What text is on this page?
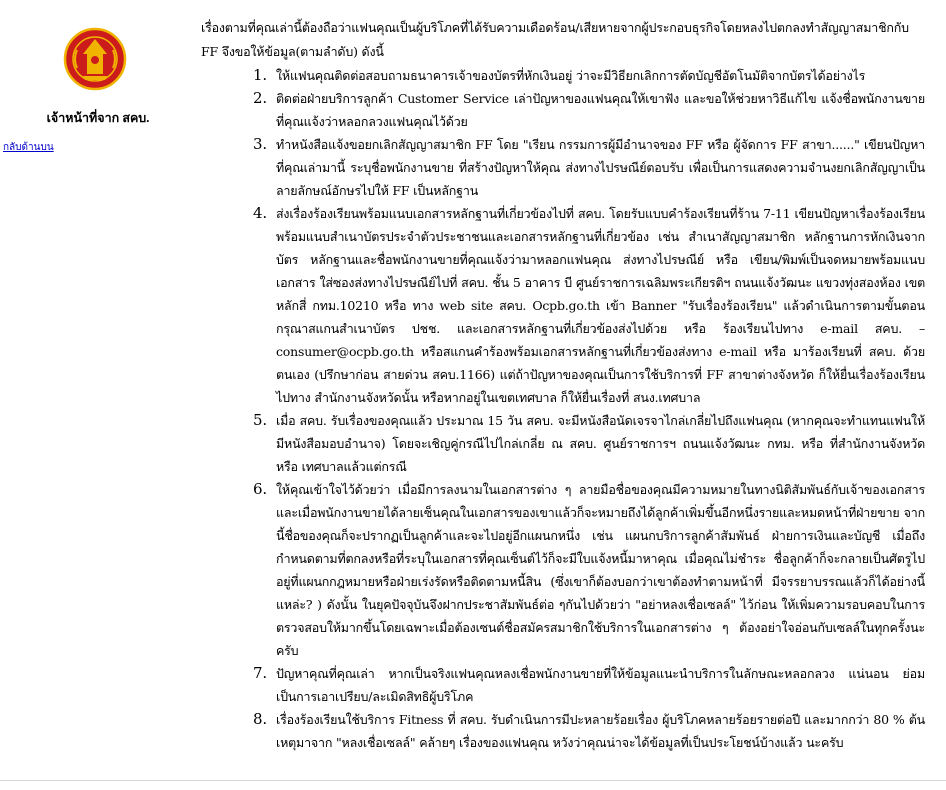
เจ้าหน้าที่จาก สคบ.
กลับด้านบน

เรื่องตามที่คุณเล่านี้ต้องถือว่าแฟนคุณเป็นผู้บริโภคที่ได้รับความเดือดร้อน/เสียหายจากผู้ประกอบธุรกิจโดยหลงไปตกลงทำสัญญาสมาชิกกับ FF จึงขอให้ข้อมูล(ตามลำดับ) ดังนี้

1. ให้แฟนคุณติดต่อสอบถามธนาคารเจ้าของบัตรที่หักเงินอยู่ ว่าจะมีวิธียกเลิกการตัดบัญชีอัตโนมัติจากบัตรได้อย่างไร
2. ติดต่อฝ่ายบริการลูกค้า Customer Service เล่าปัญหาของแฟนคุณให้เขาฟัง และขอให้ช่วยหาวิธีแก้ไข แจ้งชื่อพนักงานขายที่คุณแจ้งว่าหลอกลวงแฟนคุณไว้ด้วย
3. ทำหนังสือแจ้งขอยกเลิกสัญญาสมาชิก FF โดย "เรียน กรรมการผู้มีอำนาจของ FF หรือ ผู้จัดการ FF สาขา......" เขียนปัญหาที่คุณเล่ามานี้ ระบุชื่อพนักงานขาย ที่สร้างปัญหาให้คุณ ส่งทางไปรษณีย์ตอบรับ เพื่อเป็นการแสดงความจำนงยกเลิกสัญญาเป็นลายลักษณ์อักษรไปให้ FF เป็นหลักฐาน
4. ส่งเรื่องร้องเรียนพร้อมแนบเอกสารหลักฐานที่เกี่ยวข้องไปที่ สคบ. โดยรับแบบคำร้องเรียนที่ร้าน 7-11 เขียนปัญหาเรื่องร้องเรียนพร้อมแนบสำเนาบัตรประจำตัวประชาชนและเอกสารหลักฐานที่เกี่ยวข้อง เช่น สำเนาสัญญาสมาชิก หลักฐานการหักเงินจากบัตร หลักฐานและชื่อพนักงานขายที่คุณแจ้งว่ามาหลอกแฟนคุณ ส่งทางไปรษณีย์ หรือ เขียน/พิมพ์เป็นจดหมายพร้อมแนบเอกสาร ใส่ซองส่งทางไปรษณีย์ไปที่ สคบ. ชั้น 5 อาคาร บี ศูนย์ราชการเฉลิมพระเกียรติฯ ถนนแจ้งวัฒนะ แขวงทุ่งสองห้อง เขตหลักสี่ กทม.10210 หรือ ทาง web site สคบ. Ocpb.go.th เข้า Banner "รับเรื่องร้องเรียน" แล้วดำเนินการตามขั้นตอน กรุณาสแกนสำเนาบัตร ปชช. และเอกสารหลักฐานที่เกี่ยวข้องส่งไปด้วย หรือ ร้องเรียนไปทาง e-mail สคบ. – consumer@ocpb.go.th หรือสแกนคำร้องพร้อมเอกสารหลักฐานที่เกี่ยวข้องส่งทาง e-mail หรือ มาร้องเรียนที่ สคบ. ด้วยตนเอง (ปรึกษาก่อน สายด่วน สคบ.1166) แต่ถ้าปัญหาของคุณเป็นการใช้บริการที่ FF สาขาต่างจังหวัด ก็ให้ยื่นเรื่องร้องเรียนไปทาง สำนักงานจังหวัดนั้น หรือหากอยู่ในเขตเทศบาล ก็ให้ยื่นเรื่องที่ สนง.เทศบาล
5. เมื่อ สคบ. รับเรื่องของคุณแล้ว ประมาณ 15 วัน สคบ. จะมีหนังสือนัดเจรจาไกล่เกลี่ยไปถึงแฟนคุณ (หากคุณจะทำแทนแฟนให้มีหนังสือมอบอำนาจ) โดยจะเชิญคู่กรณีไปไกล่เกลี่ย ณ สคบ. ศูนย์ราชการฯ ถนนแจ้งวัฒนะ กทม. หรือ ที่สำนักงานจังหวัด หรือ เทศบาลแล้วแต่กรณี
6. ให้คุณเข้าใจไว้ด้วยว่า เมื่อมีการลงนามในเอกสารต่าง ๆ ลายมือชื่อของคุณมีความหมายในทางนิติสัมพันธ์กับเจ้าของเอกสาร และเมื่อพนักงานขายได้ลายเซ็นคุณในเอกสารของเขาแล้วก็จะหมายถึงได้ลูกค้าเพิ่มขึ้นอีกหนึ่งรายและหมดหน้าที่ฝ่ายขาย จากนี้ชื่อของคุณก็จะปรากฏเป็นลูกค้าและจะไปอยู่อีกแผนกหนึ่ง เช่น แผนกบริการลูกค้าสัมพันธ์ ฝ่ายการเงินและบัญชี เมื่อถึงกำหนดตามที่ตกลงหรือที่ระบุในเอกสารที่คุณเซ็นต์ไว้ก็จะมีใบแจ้งหนี้มาหาคุณ เมื่อคุณไม่ชำระ ชื่อลูกค้าก็จะกลายเป็นศัตรูไปอยู่ที่แผนกกฎหมายหรือฝ่ายเร่งรัดหรือติดตามหนี้สิน (ซึ่งเขาก็ต้องบอกว่าเขาต้องทำตามหน้าที่ มีจรรยาบรรณแล้วก็ได้อย่างนี้แหล่ะ? ) ดังนั้น ในยุคปัจจุบันจึงฝากประชาสัมพันธ์ต่อ ๆกันไปด้วยว่า "อย่าหลงเชื่อเซลล์" ไว้ก่อน ให้เพิ่มความรอบคอบในการตรวจสอบให้มากขึ้นโดยเฉพาะเมื่อต้องเซนต์ชื่อสมัครสมาชิกใช้บริการในเอกสารต่าง ๆ ต้องอย่าใจอ่อนกับเซลล์ในทุกครั้งนะครับ
7. ปัญหาคุณที่คุณเล่า หากเป็นจริงแฟนคุณหลงเชื่อพนักงานขายที่ให้ข้อมูลแนะนำบริการในลักษณะหลอกลวง แน่นอน ย่อมเป็นการเอาเปรียบ/ละเมิดสิทธิผู้บริโภค
8. เรื่องร้องเรียนใช้บริการ Fitness ที่ สคบ. รับดำเนินการมีปะหลายร้อยเรื่อง ผู้บริโภคหลายร้อยรายต่อปี และมากกว่า 80 % ต้นเหตุมาจาก "หลงเชื่อเซลล์" คล้ายๆ เรื่องของแฟนคุณ หวังว่าคุณน่าจะได้ข้อมูลที่เป็นประโยชน์บ้างแล้ว นะครับ
